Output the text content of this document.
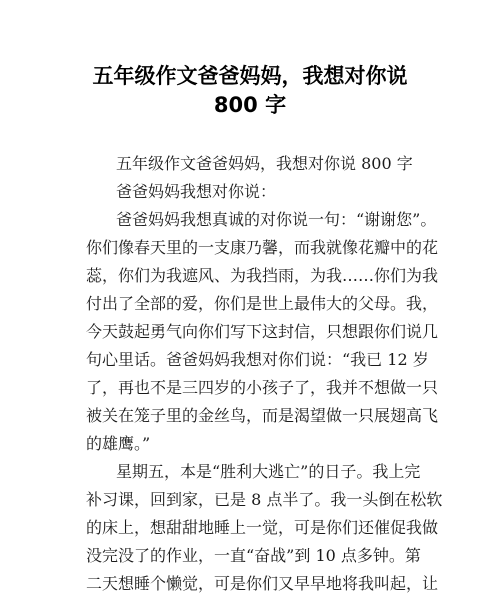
五年级作文爸爸妈妈，我想对你说
800 字
五年级作文爸爸妈妈，我想对你说 800 字
爸爸妈妈我想对你说：
爸爸妈妈我想真诚的对你说一句：“谢谢您”。
你们像春天里的一支康乃馨，而我就像花瓣中的花
蕊，你们为我遮风、为我挡雨，为我……你们为我
付出了全部的爱，你们是世上最伟大的父母。我，
今天鼓起勇气向你们写下这封信，只想跟你们说几
句心里话。爸爸妈妈我想对你们说：“我已 12 岁
了，再也不是三四岁的小孩子了，我并不想做一只
被关在笼子里的金丝鸟，而是渴望做一只展翅高飞
的雄鹰。”
星期五，本是“胜利大逃亡”的日子。我上完
补习课，回到家，已是 8 点半了。我一头倒在松软
的床上，想甜甜地睡上一觉，可是你们还催促我做
没完没了的作业，一直“奋战”到 10 点多钟。第
二天想睡个懒觉，可是你们又早早地将我叫起，让
